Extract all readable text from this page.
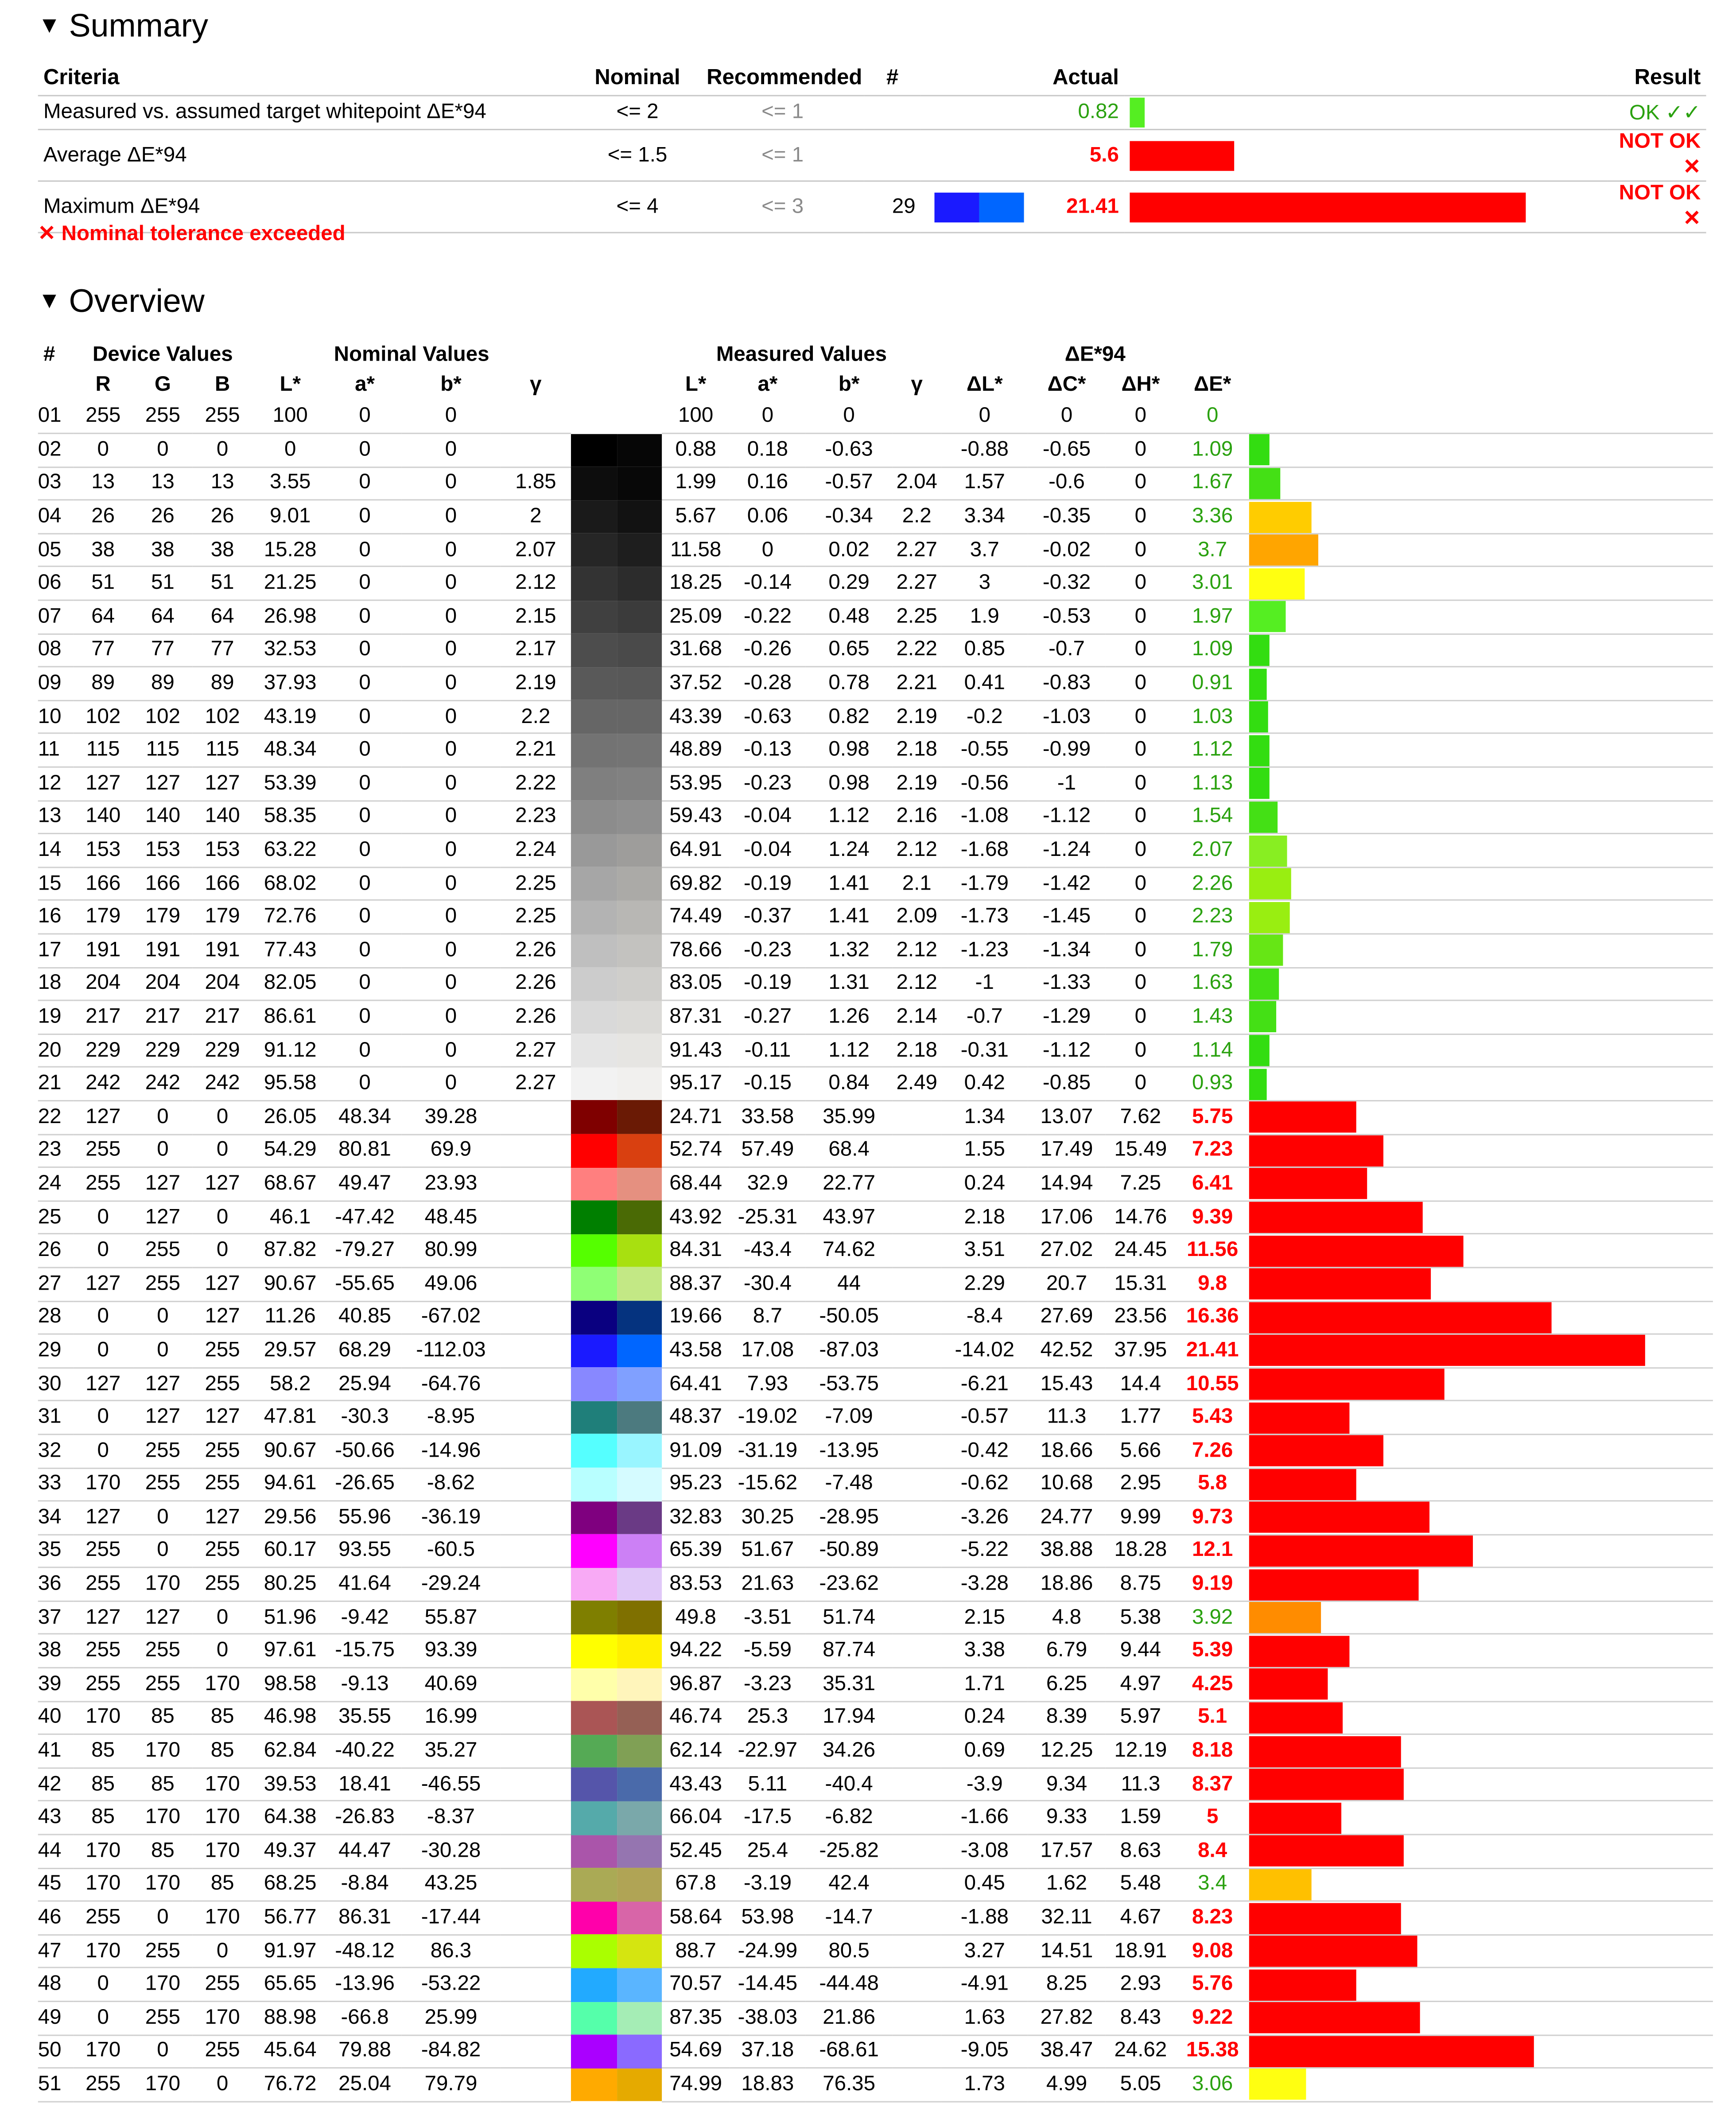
▼ Summary
Criteria	Nominal	Recommended	#		Actual		Result
Measured vs. assumed target whitepoint ΔE*94	<= 2	<= 1			0.82		OK ✓✓
Average ΔE*94	<= 1.5	<= 1			5.6		NOT OK ✕
Maximum ΔE*94	<= 4	<= 3	29		21.41		NOT OK ✕
✕ Nominal tolerance exceeded
▼ Overview
#	Device Values			Nominal Values					Measured Values				ΔE*94				
	R	G	B	L*	a*	b*	γ		L*	a*	b*	γ	ΔL*	ΔC*	ΔH*	ΔE*	
01	255	255	255	100	0	0			100	0	0		0	0	0	0	

02	0	0	0	0	0	0			0.88	0.18	-0.63		-0.88	-0.65	0	1.09	

03	13	13	13	3.55	0	0	1.85		1.99	0.16	-0.57	2.04	1.57	-0.6	0	1.67	

04	26	26	26	9.01	0	0	2		5.67	0.06	-0.34	2.2	3.34	-0.35	0	3.36	

05	38	38	38	15.28	0	0	2.07		11.58	0	0.02	2.27	3.7	-0.02	0	3.7	

06	51	51	51	21.25	0	0	2.12		18.25	-0.14	0.29	2.27	3	-0.32	0	3.01	

07	64	64	64	26.98	0	0	2.15		25.09	-0.22	0.48	2.25	1.9	-0.53	0	1.97	

08	77	77	77	32.53	0	0	2.17		31.68	-0.26	0.65	2.22	0.85	-0.7	0	1.09	

09	89	89	89	37.93	0	0	2.19		37.52	-0.28	0.78	2.21	0.41	-0.83	0	0.91	

10	102	102	102	43.19	0	0	2.2		43.39	-0.63	0.82	2.19	-0.2	-1.03	0	1.03	

11	115	115	115	48.34	0	0	2.21		48.89	-0.13	0.98	2.18	-0.55	-0.99	0	1.12	

12	127	127	127	53.39	0	0	2.22		53.95	-0.23	0.98	2.19	-0.56	-1	0	1.13	

13	140	140	140	58.35	0	0	2.23		59.43	-0.04	1.12	2.16	-1.08	-1.12	0	1.54	

14	153	153	153	63.22	0	0	2.24		64.91	-0.04	1.24	2.12	-1.68	-1.24	0	2.07	

15	166	166	166	68.02	0	0	2.25		69.82	-0.19	1.41	2.1	-1.79	-1.42	0	2.26	

16	179	179	179	72.76	0	0	2.25		74.49	-0.37	1.41	2.09	-1.73	-1.45	0	2.23	

17	191	191	191	77.43	0	0	2.26		78.66	-0.23	1.32	2.12	-1.23	-1.34	0	1.79	

18	204	204	204	82.05	0	0	2.26		83.05	-0.19	1.31	2.12	-1	-1.33	0	1.63	

19	217	217	217	86.61	0	0	2.26		87.31	-0.27	1.26	2.14	-0.7	-1.29	0	1.43	

20	229	229	229	91.12	0	0	2.27		91.43	-0.11	1.12	2.18	-0.31	-1.12	0	1.14	

21	242	242	242	95.58	0	0	2.27		95.17	-0.15	0.84	2.49	0.42	-0.85	0	0.93	

22	127	0	0	26.05	48.34	39.28			24.71	33.58	35.99		1.34	13.07	7.62	5.75	

23	255	0	0	54.29	80.81	69.9			52.74	57.49	68.4		1.55	17.49	15.49	7.23	

24	255	127	127	68.67	49.47	23.93			68.44	32.9	22.77		0.24	14.94	7.25	6.41	

25	0	127	0	46.1	-47.42	48.45			43.92	-25.31	43.97		2.18	17.06	14.76	9.39	

26	0	255	0	87.82	-79.27	80.99			84.31	-43.4	74.62		3.51	27.02	24.45	11.56	

27	127	255	127	90.67	-55.65	49.06			88.37	-30.4	44		2.29	20.7	15.31	9.8	

28	0	0	127	11.26	40.85	-67.02			19.66	8.7	-50.05		-8.4	27.69	23.56	16.36	

29	0	0	255	29.57	68.29	-112.03			43.58	17.08	-87.03		-14.02	42.52	37.95	21.41	

30	127	127	255	58.2	25.94	-64.76			64.41	7.93	-53.75		-6.21	15.43	14.4	10.55	

31	0	127	127	47.81	-30.3	-8.95			48.37	-19.02	-7.09		-0.57	11.3	1.77	5.43	

32	0	255	255	90.67	-50.66	-14.96			91.09	-31.19	-13.95		-0.42	18.66	5.66	7.26	

33	170	255	255	94.61	-26.65	-8.62			95.23	-15.62	-7.48		-0.62	10.68	2.95	5.8	

34	127	0	127	29.56	55.96	-36.19			32.83	30.25	-28.95		-3.26	24.77	9.99	9.73	

35	255	0	255	60.17	93.55	-60.5			65.39	51.67	-50.89		-5.22	38.88	18.28	12.1	

36	255	170	255	80.25	41.64	-29.24			83.53	21.63	-23.62		-3.28	18.86	8.75	9.19	

37	127	127	0	51.96	-9.42	55.87			49.8	-3.51	51.74		2.15	4.8	5.38	3.92	

38	255	255	0	97.61	-15.75	93.39			94.22	-5.59	87.74		3.38	6.79	9.44	5.39	

39	255	255	170	98.58	-9.13	40.69			96.87	-3.23	35.31		1.71	6.25	4.97	4.25	

40	170	85	85	46.98	35.55	16.99			46.74	25.3	17.94		0.24	8.39	5.97	5.1	

41	85	170	85	62.84	-40.22	35.27			62.14	-22.97	34.26		0.69	12.25	12.19	8.18	

42	85	85	170	39.53	18.41	-46.55			43.43	5.11	-40.4		-3.9	9.34	11.3	8.37	

43	85	170	170	64.38	-26.83	-8.37			66.04	-17.5	-6.82		-1.66	9.33	1.59	5	

44	170	85	170	49.37	44.47	-30.28			52.45	25.4	-25.82		-3.08	17.57	8.63	8.4	

45	170	170	85	68.25	-8.84	43.25			67.8	-3.19	42.4		0.45	1.62	5.48	3.4	

46	255	0	170	56.77	86.31	-17.44			58.64	53.98	-14.7		-1.88	32.11	4.67	8.23	

47	170	255	0	91.97	-48.12	86.3			88.7	-24.99	80.5		3.27	14.51	18.91	9.08	

48	0	170	255	65.65	-13.96	-53.22			70.57	-14.45	-44.48		-4.91	8.25	2.93	5.76	

49	0	255	170	88.98	-66.8	25.99			87.35	-38.03	21.86		1.63	27.82	8.43	9.22	

50	170	0	255	45.64	79.88	-84.82			54.69	37.18	-68.61		-9.05	38.47	24.62	15.38	

51	255	170	0	76.72	25.04	79.79			74.99	18.83	76.35		1.73	4.99	5.05	3.06	
